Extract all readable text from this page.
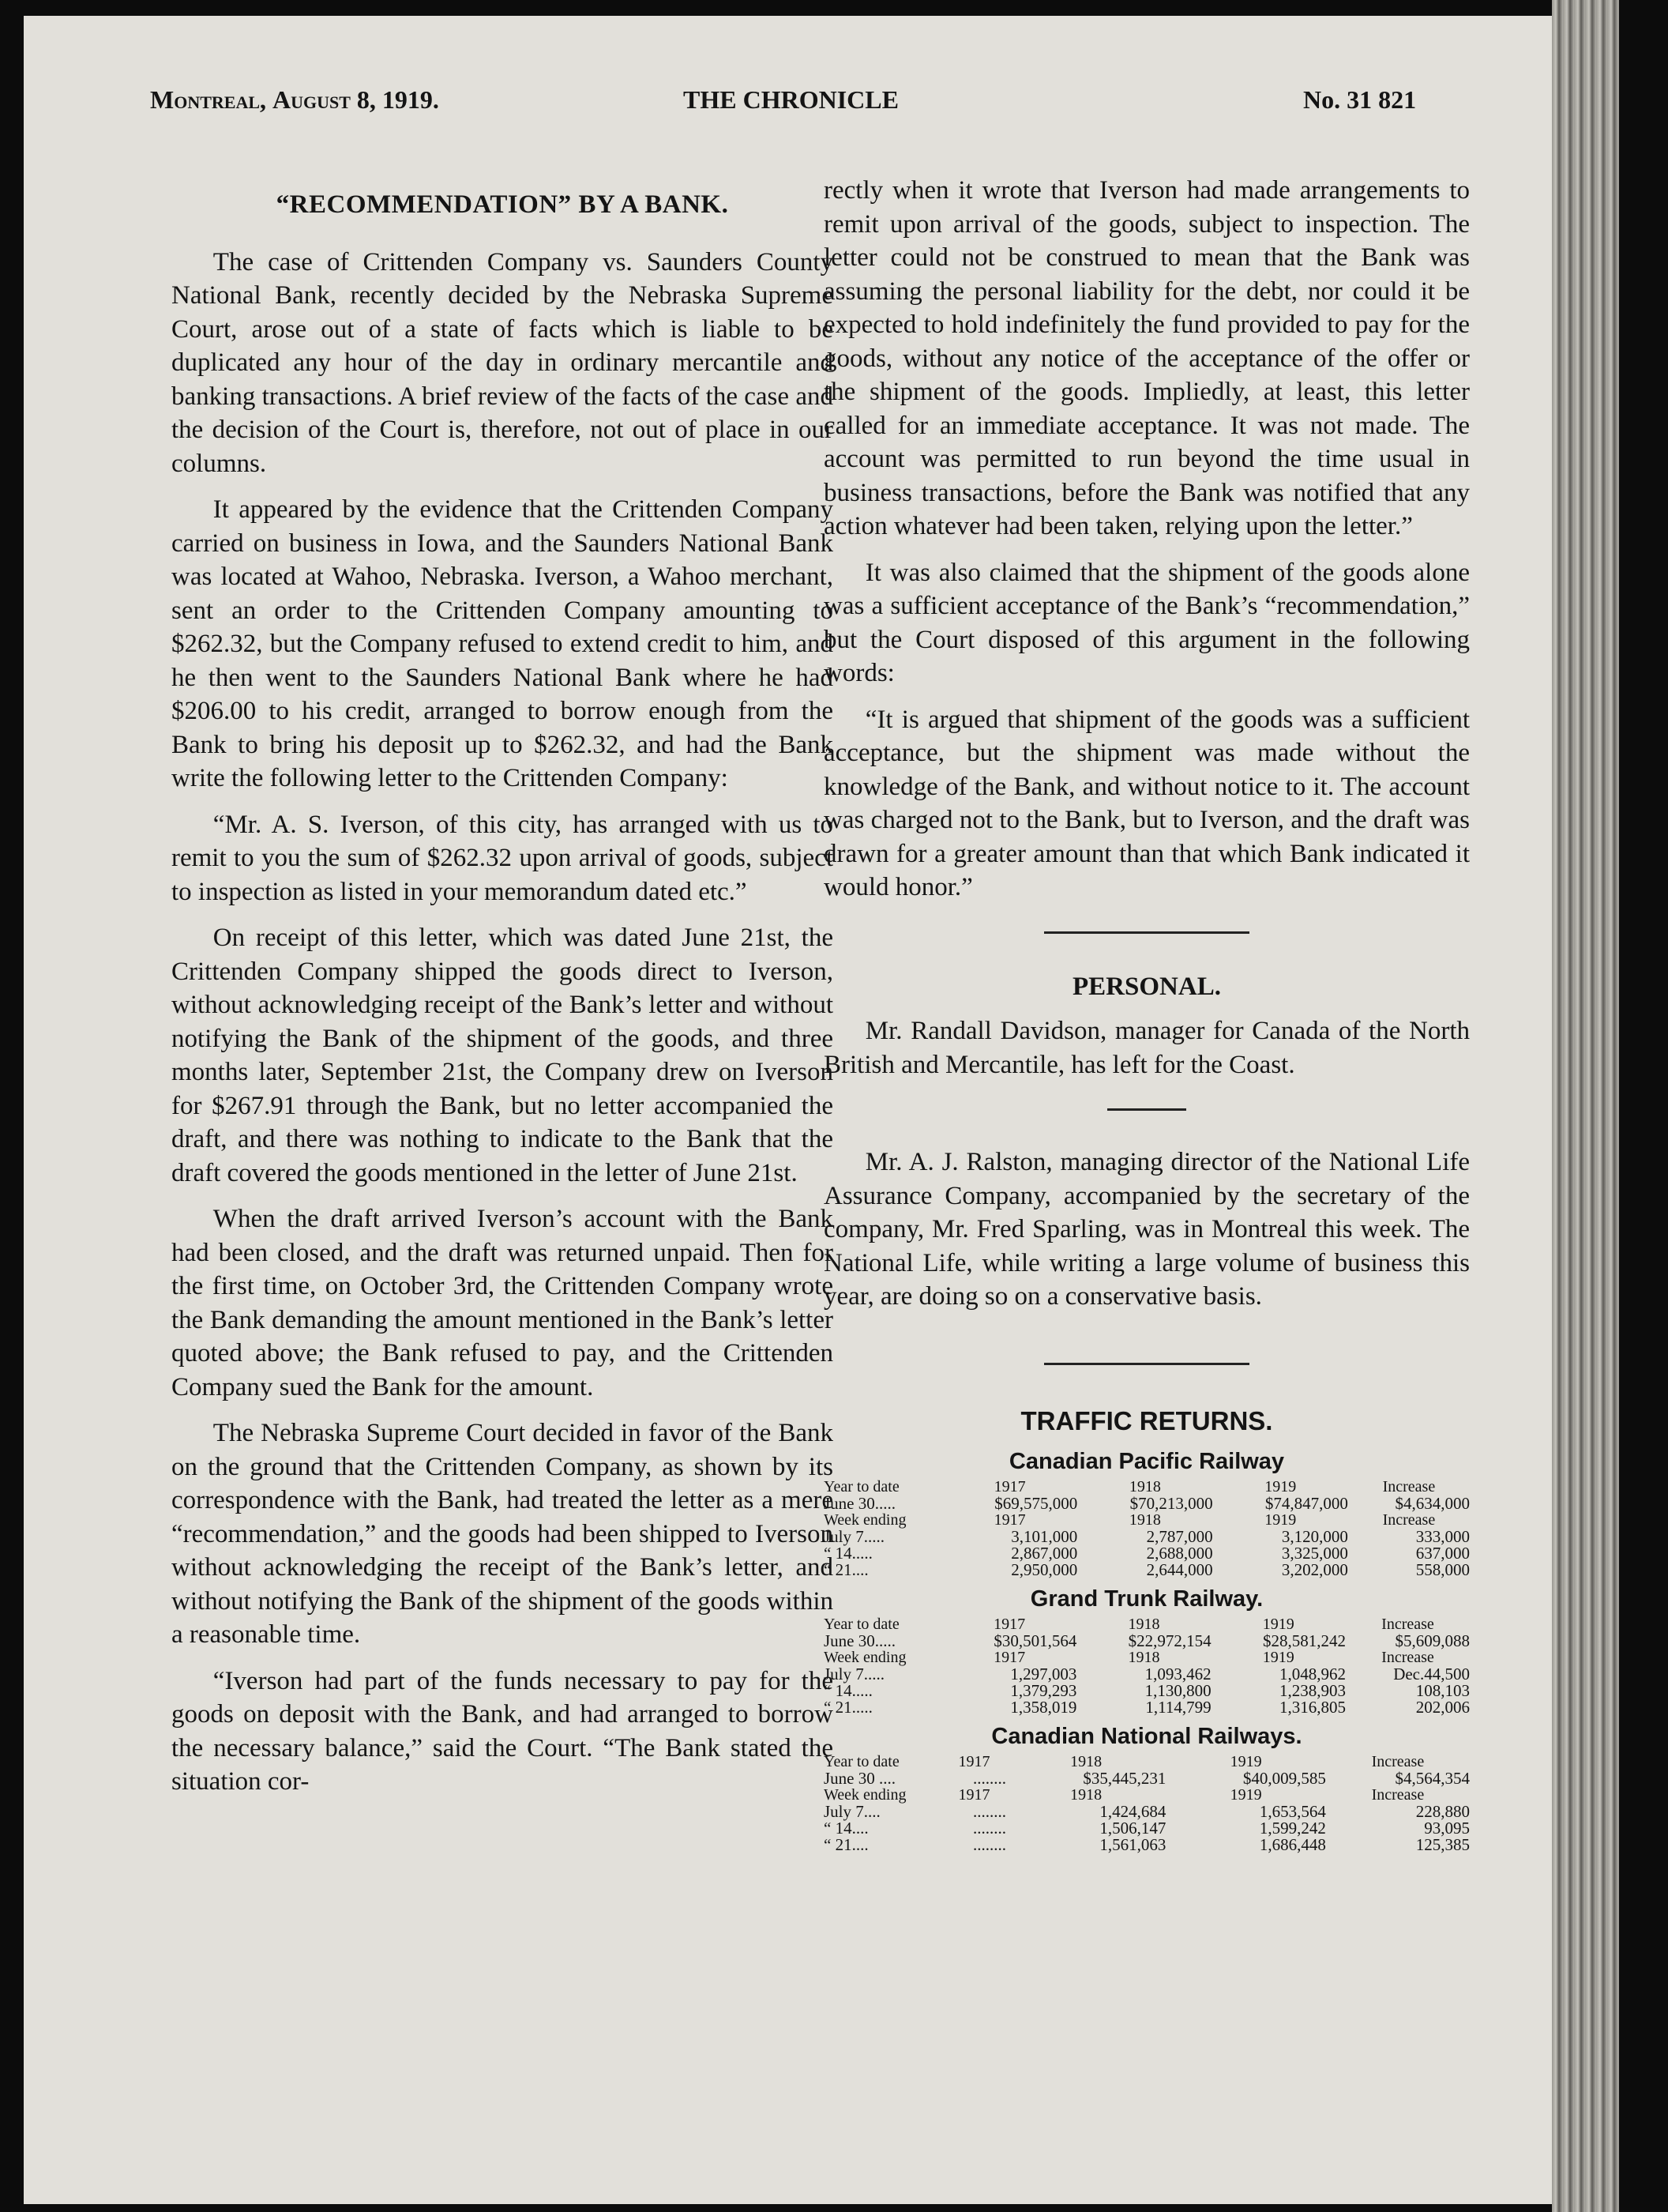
Montreal, August 8, 1919.	THE CHRONICLE	No. 31 821
“RECOMMENDATION” BY A BANK.

The case of Crittenden Company vs. Saunders County National Bank, recently decided by the Nebraska Supreme Court, arose out of a state of facts which is liable to be duplicated any hour of the day in ordinary mercantile and banking transactions. A brief review of the facts of the case and the decision of the Court is, therefore, not out of place in our columns.

It appeared by the evidence that the Crittenden Company carried on business in Iowa, and the Saunders National Bank was located at Wahoo, Nebraska. Iverson, a Wahoo merchant, sent an order to the Crittenden Company amounting to $262.32, but the Company refused to extend credit to him, and he then went to the Saunders National Bank where he had $206.00 to his credit, arranged to borrow enough from the Bank to bring his deposit up to $262.32, and had the Bank write the following letter to the Crittenden Company:

“Mr. A. S. Iverson, of this city, has arranged with us to remit to you the sum of $262.32 upon arrival of goods, subject to inspection as listed in your memorandum dated etc.”

On receipt of this letter, which was dated June 21st, the Crittenden Company shipped the goods direct to Iverson, without acknowledging receipt of the Bank’s letter and without notifying the Bank of the shipment of the goods, and three months later, September 21st, the Company drew on Iverson for $267.91 through the Bank, but no letter accompanied the draft, and there was nothing to indicate to the Bank that the draft covered the goods mentioned in the letter of June 21st.

When the draft arrived Iverson’s account with the Bank had been closed, and the draft was returned unpaid. Then for the first time, on October 3rd, the Crittenden Company wrote the Bank demanding the amount mentioned in the Bank’s letter quoted above; the Bank refused to pay, and the Crittenden Company sued the Bank for the amount.

The Nebraska Supreme Court decided in favor of the Bank on the ground that the Crittenden Company, as shown by its correspondence with the Bank, had treated the letter as a mere “recommendation,” and the goods had been shipped to Iverson without acknowledging the receipt of the Bank’s letter, and without notifying the Bank of the shipment of the goods within a reasonable time.

“Iverson had part of the funds necessary to pay for the goods on deposit with the Bank, and had arranged to borrow the necessary balance,” said the Court. “The Bank stated the situation cor-

rectly when it wrote that Iverson had made arrangements to remit upon arrival of the goods, subject to inspection. The letter could not be construed to mean that the Bank was assuming the personal liability for the debt, nor could it be expected to hold indefinitely the fund provided to pay for the goods, without any notice of the acceptance of the offer or the shipment of the goods. Impliedly, at least, this letter called for an immediate acceptance. It was not made. The account was permitted to run beyond the time usual in business transactions, before the Bank was notified that any action whatever had been taken, relying upon the letter.”

It was also claimed that the shipment of the goods alone was a sufficient acceptance of the Bank’s “recommendation,” but the Court disposed of this argument in the following words:

“It is argued that shipment of the goods was a sufficient acceptance, but the shipment was made without the knowledge of the Bank, and without notice to it. The account was charged not to the Bank, but to Iverson, and the draft was drawn for a greater amount than that which Bank indicated it would honor.”

PERSONAL.

Mr. Randall Davidson, manager for Canada of the North British and Mercantile, has left for the Coast.

Mr. A. J. Ralston, managing director of the National Life Assurance Company, accompanied by the secretary of the company, Mr. Fred Sparling, was in Montreal this week. The National Life, while writing a large volume of business this year, are doing so on a conservative basis.

TRAFFIC RETURNS.
Canadian Pacific Railway
Year to date	1917	1918	1919	Increase
June 30.....	$69,575,000	$70,213,000	$74,847,000	$4,634,000
Week ending	1917	1918	1919	Increase
July 7.....	3,101,000	2,787,000	3,120,000	333,000
“ 14.....	2,867,000	2,688,000	3,325,000	637,000
“ 21....	2,950,000	2,644,000	3,202,000	558,000
Grand Trunk Railway.
Year to date	1917	1918	1919	Increase
June 30.....	$30,501,564	$22,972,154	$28,581,242	$5,609,088
Week ending	1917	1918	1919	Increase
July 7.....	1,297,003	1,093,462	1,048,962	Dec.44,500
“ 14.....	1,379,293	1,130,800	1,238,903	108,103
“ 21.....	1,358,019	1,114,799	1,316,805	202,006
Canadian National Railways.
Year to date	1917	1918	1919	Increase
June 30 ....	........	$35,445,231	$40,009,585	$4,564,354
Week ending	1917	1918	1919	Increase
July 7....	........	1,424,684	1,653,564	228,880
“ 14....	........	1,506,147	1,599,242	93,095
“ 21....	........	1,561,063	1,686,448	125,385
